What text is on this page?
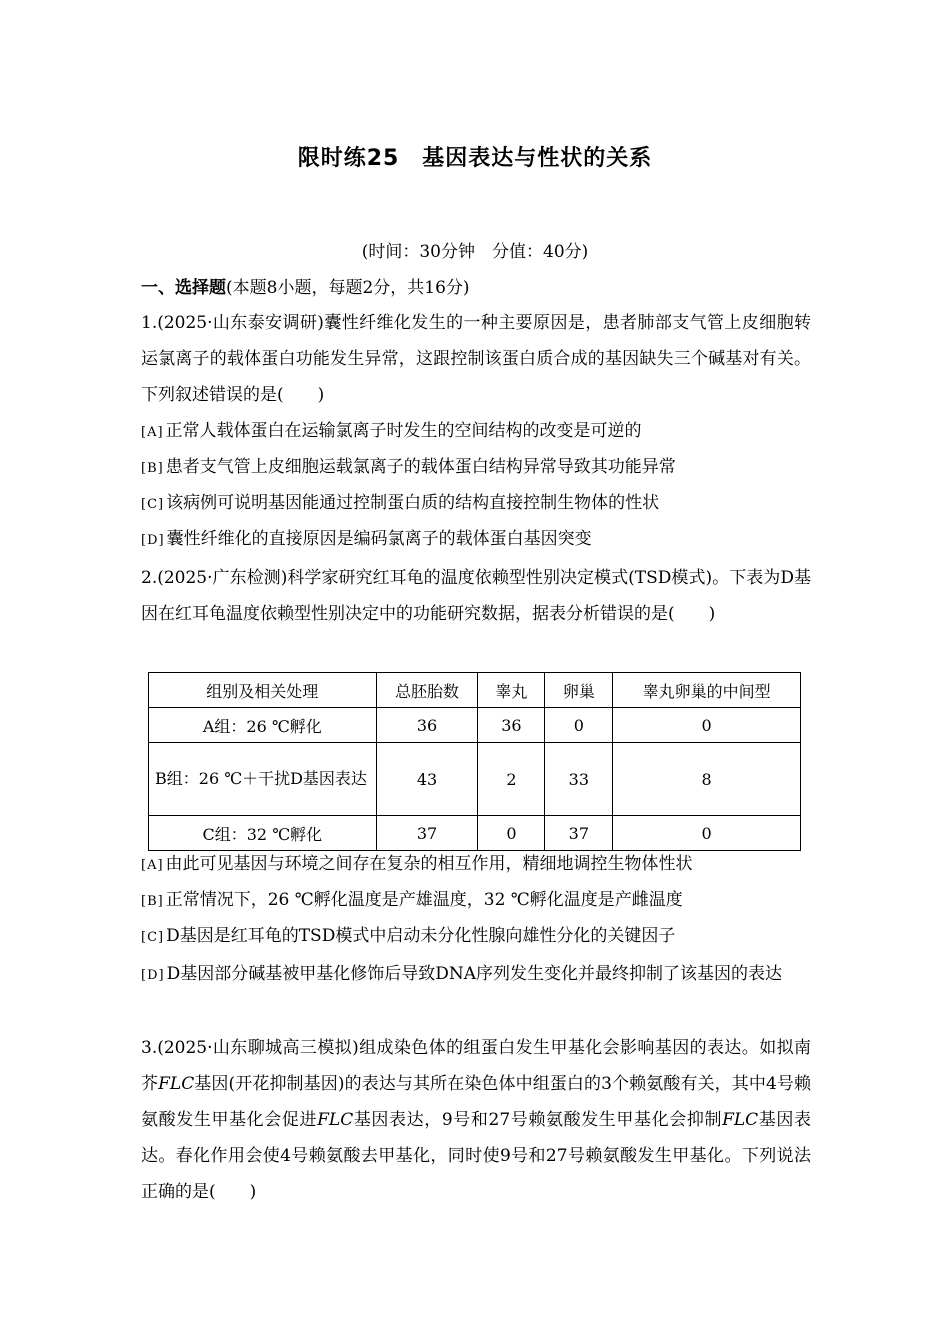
限时练25　基因表达与性状的关系
(时间：30分钟　分值：40分)
一、选择题(本题8小题，每题2分，共16分)
1.(2025·山东泰安调研)囊性纤维化发生的一种主要原因是，患者肺部支气管上皮细胞转运氯离子的载体蛋白功能发生异常，这跟控制该蛋白质合成的基因缺失三个碱基对有关。下列叙述错误的是(　　)
[A] 正常人载体蛋白在运输氯离子时发生的空间结构的改变是可逆的
[B] 患者支气管上皮细胞运载氯离子的载体蛋白结构异常导致其功能异常
[C] 该病例可说明基因能通过控制蛋白质的结构直接控制生物体的性状
[D] 囊性纤维化的直接原因是编码氯离子的载体蛋白基因突变
2.(2025·广东检测)科学家研究红耳龟的温度依赖型性别决定模式(TSD模式)。下表为D基因在红耳龟温度依赖型性别决定中的功能研究数据，据表分析错误的是(　　)
组别及相关处理	总胚胎数	睾丸	卵巢	睾丸卵巢的中间型
A组：26 ℃孵化	36	36	0	0
B组：26 ℃＋干扰D基因表达	43	2	33	8
C组：32 ℃孵化	37	0	37	0
[A] 由此可见基因与环境之间存在复杂的相互作用，精细地调控生物体性状
[B] 正常情况下，26 ℃孵化温度是产雄温度，32 ℃孵化温度是产雌温度
[C] D基因是红耳龟的TSD模式中启动未分化性腺向雄性分化的关键因子
[D] D基因部分碱基被甲基化修饰后导致DNA序列发生变化并最终抑制了该基因的表达
3.(2025·山东聊城高三模拟)组成染色体的组蛋白发生甲基化会影响基因的表达。如拟南芥FLC基因(开花抑制基因)的表达与其所在染色体中组蛋白的3个赖氨酸有关，其中4号赖氨酸发生甲基化会促进FLC基因表达，9号和27号赖氨酸发生甲基化会抑制FLC基因表达。春化作用会使4号赖氨酸去甲基化，同时使9号和27号赖氨酸发生甲基化。下列说法正确的是(　　)
